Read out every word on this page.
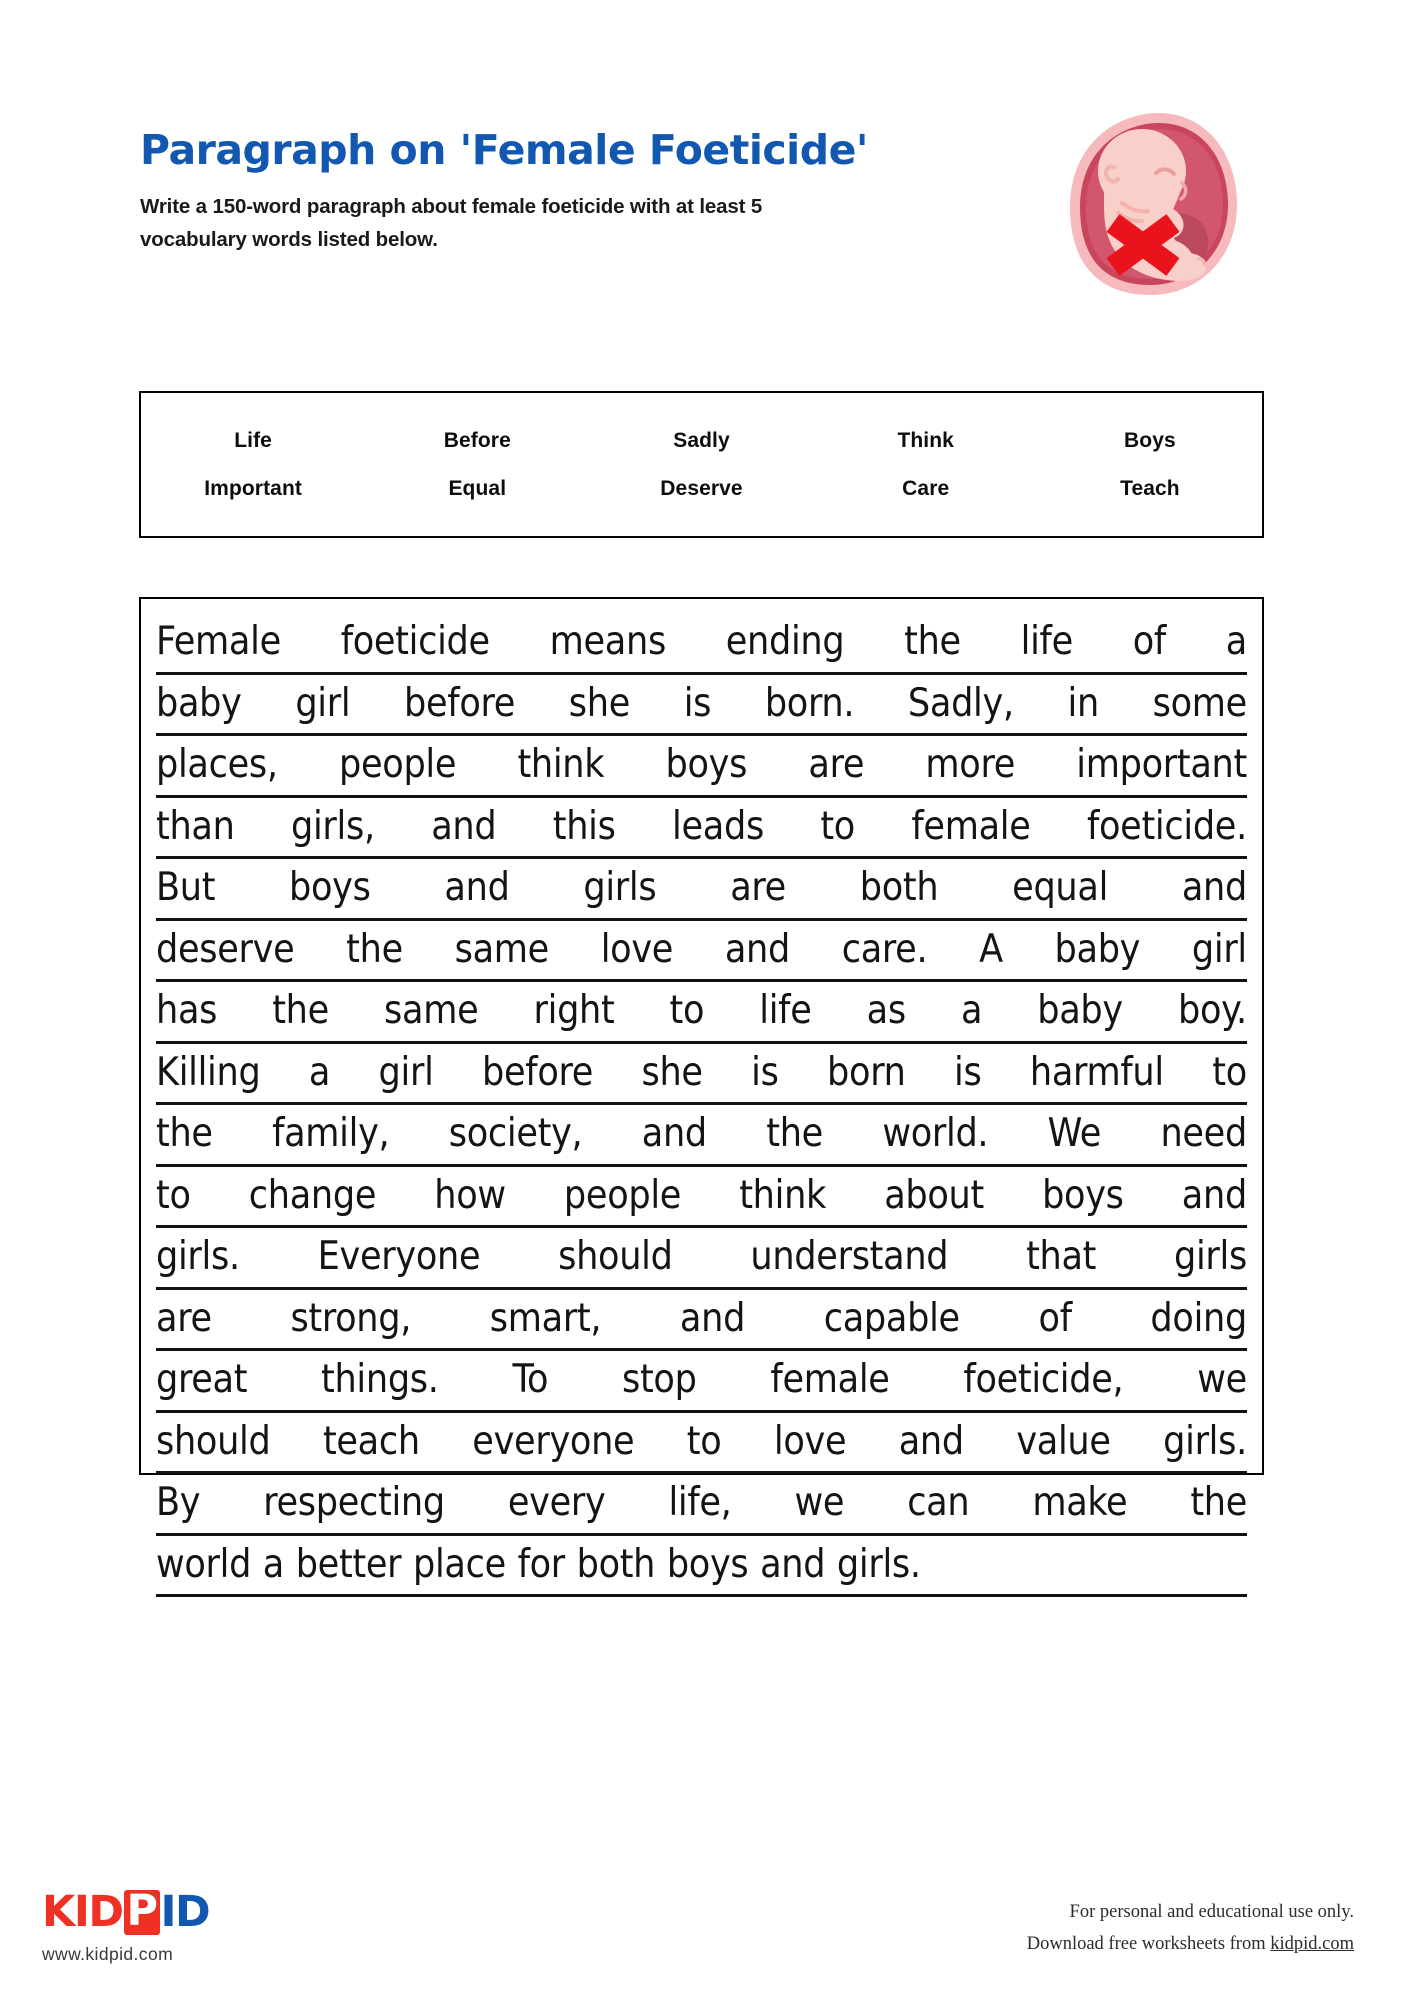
Paragraph on 'Female Foeticide'
Write a 150-word paragraph about female foeticide with at least 5 vocabulary words listed below.
Life	Before	Sadly	Think	Boys
Important	Equal	Deserve	Care	Teach
Female foeticide means ending the life of a
baby girl before she is born. Sadly, in some
places, people think boys are more important
than girls, and this leads to female foeticide.
But boys and girls are both equal and
deserve the same love and care. A baby girl
has the same right to life as a baby boy.
Killing a girl before she is born is harmful to
the family, society, and the world. We need
to change how people think about boys and
girls. Everyone should understand that girls
are strong, smart, and capable of doing
great things. To stop female foeticide, we
should teach everyone to love and value girls.
By respecting every life, we can make the
world a better place for both boys and girls.
KID P ID
www.kidpid.com
For personal and educational use only.
Download free worksheets from kidpid.com
